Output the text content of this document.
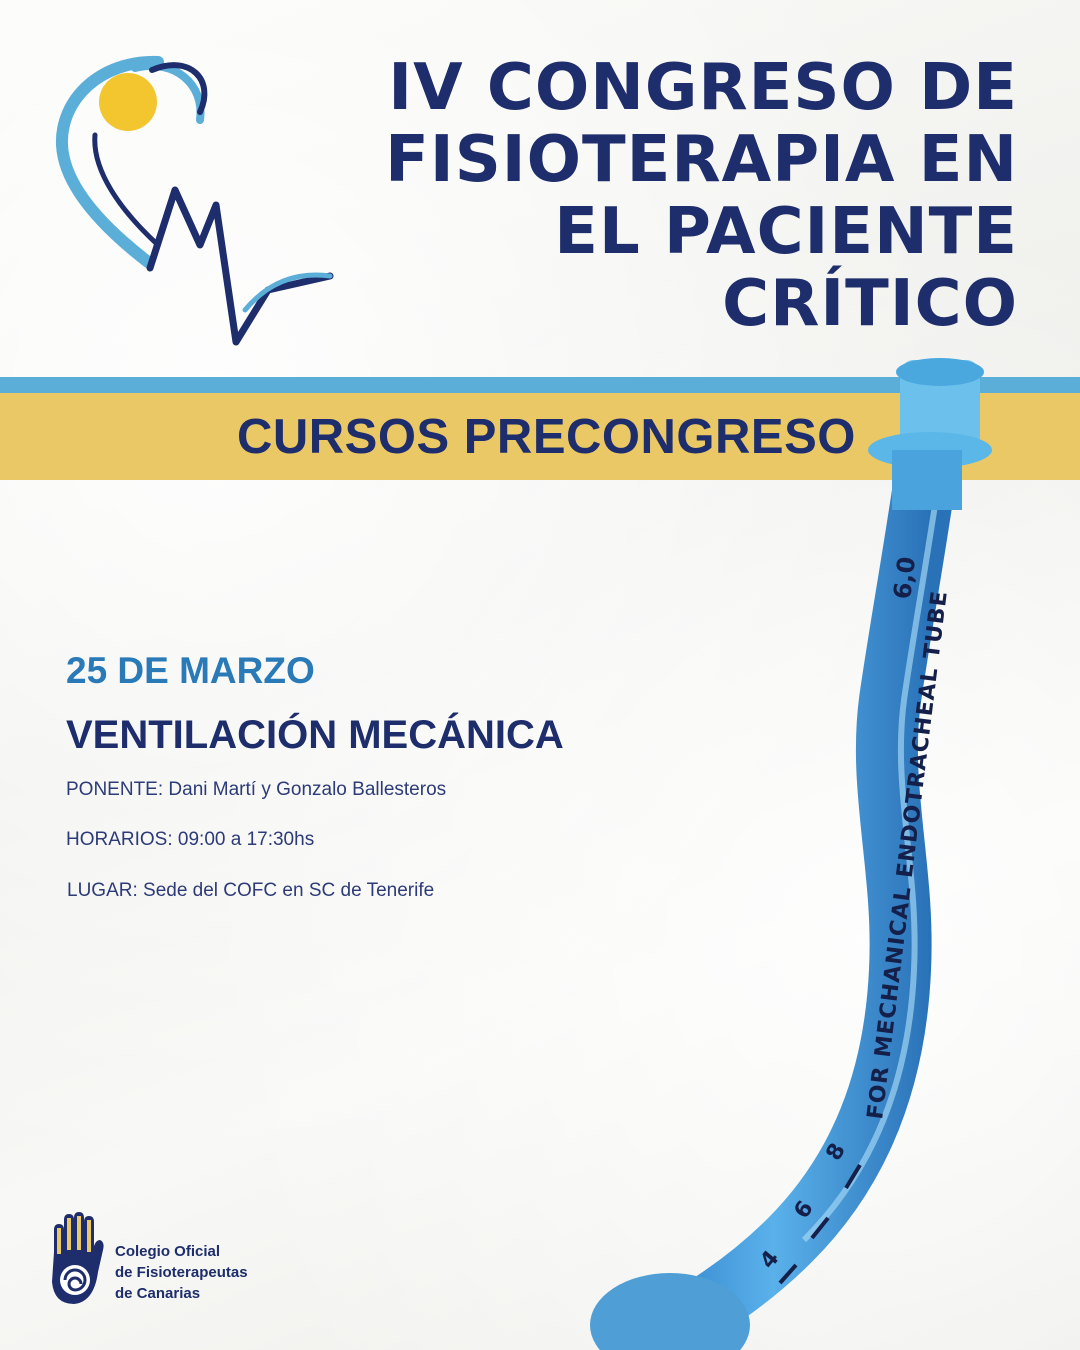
IV CONGRESO DE
FISIOTERAPIA EN
EL PACIENTE
CRÍTICO
CURSOS PRECONGRESO
FOR MECHANICAL ENDOTRACHEAL TUBE
6,0
8
6
4
25 DE MARZO
VENTILACIÓN MECÁNICA
PONENTE: Dani Martí y Gonzalo Ballesteros
HORARIOS: 09:00 a 17:30hs
LUGAR: Sede del COFC en SC de Tenerife
Colegio Oficial
de Fisioterapeutas
de Canarias
